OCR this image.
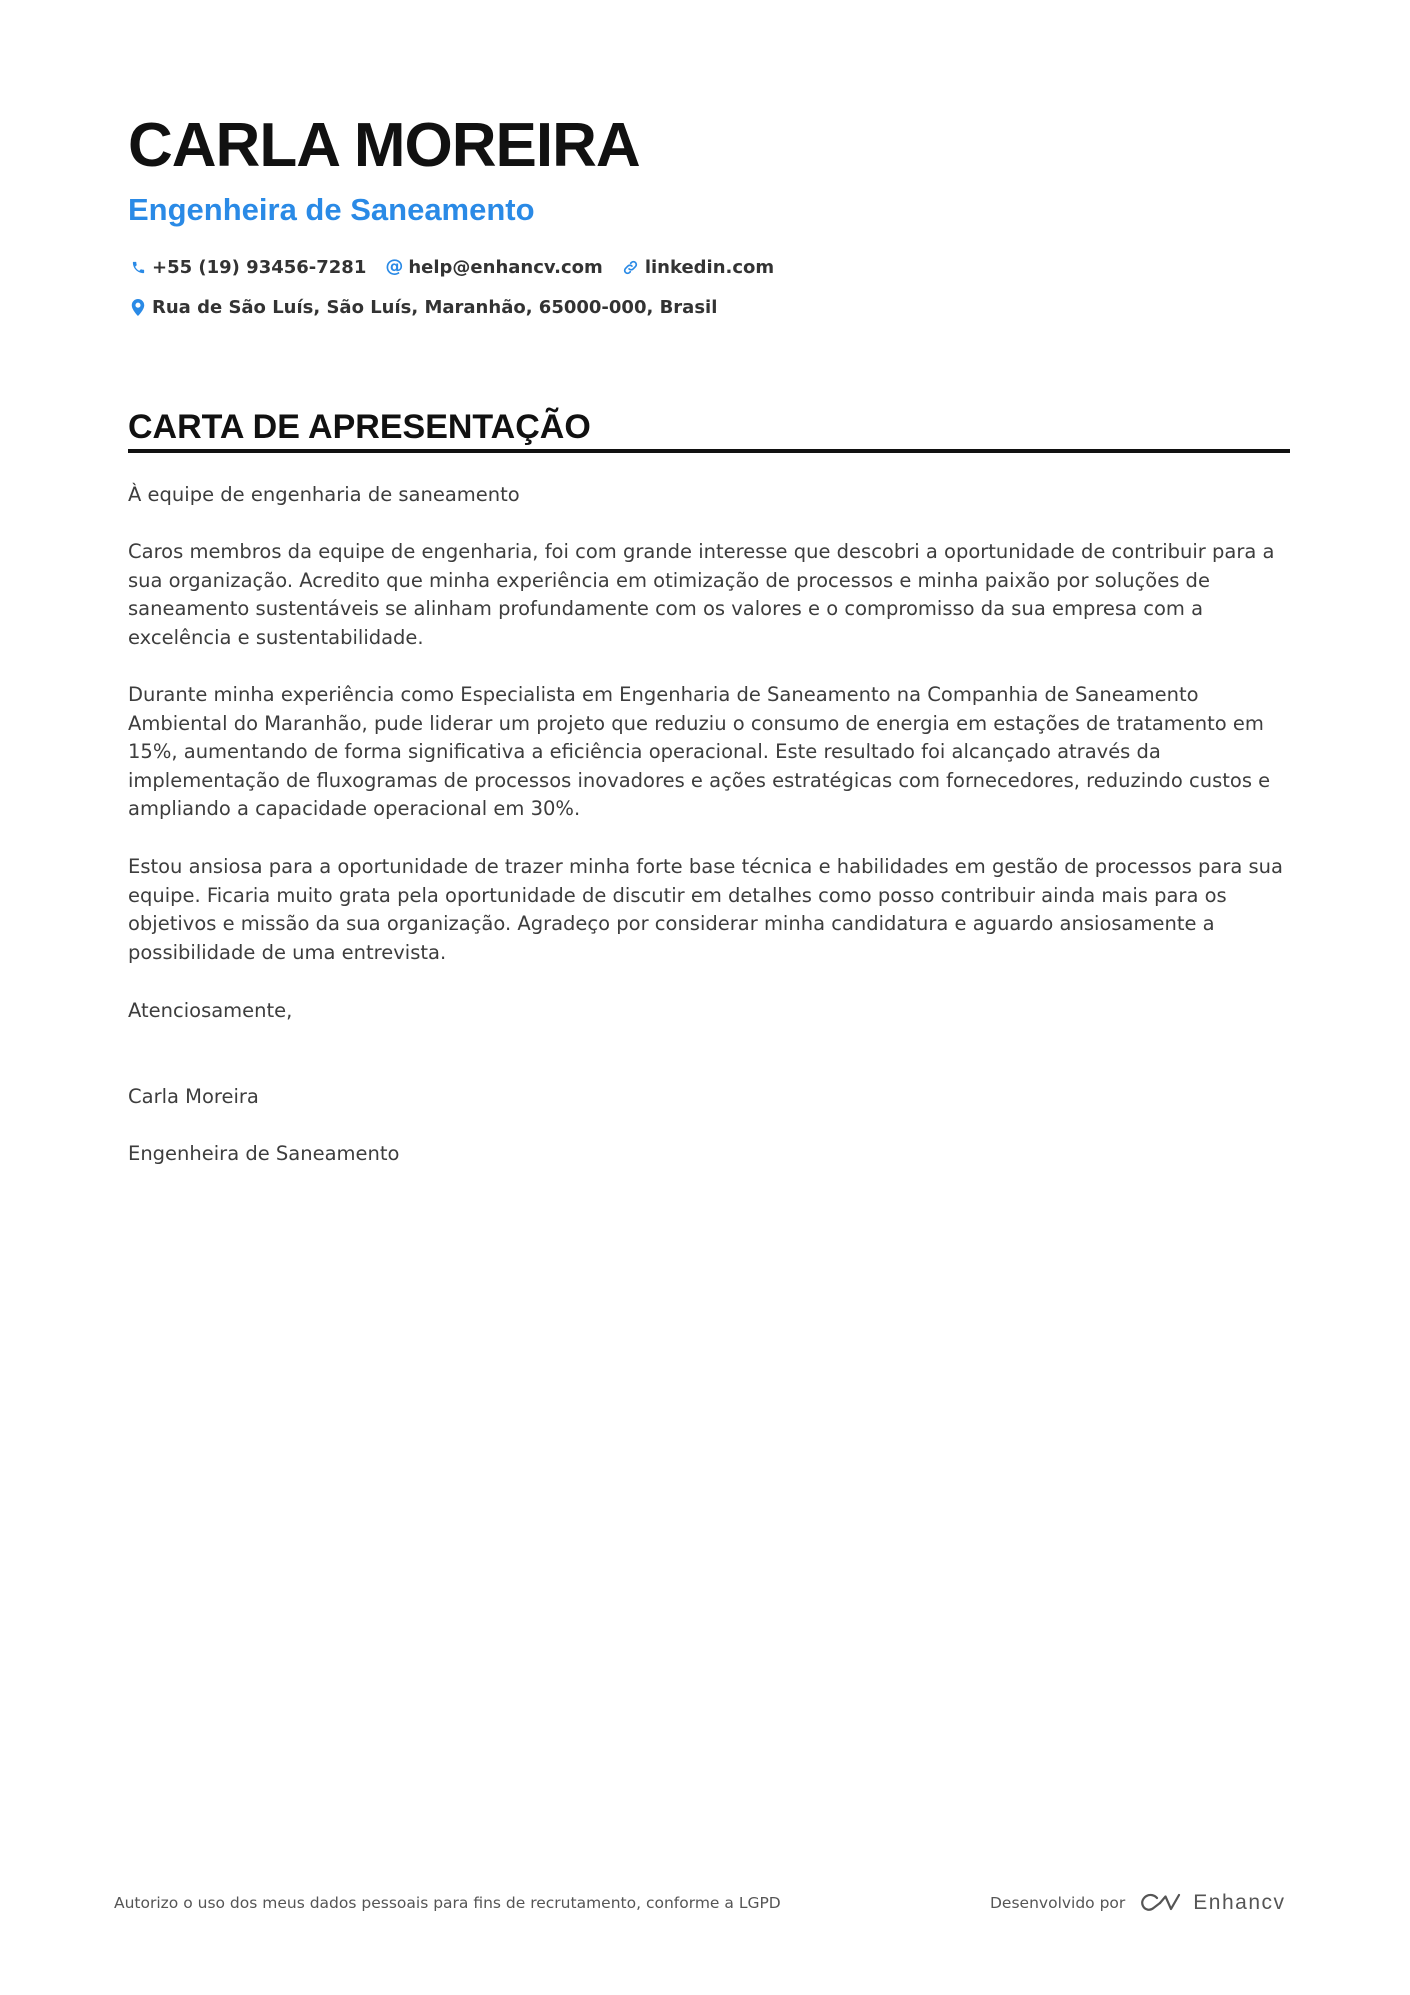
CARLA MOREIRA
Engenheira de Saneamento
+55 (19) 93456-7281 @ help@enhancv.com linkedin.com
Rua de São Luís, São Luís, Maranhão, 65000-000, Brasil
CARTA DE APRESENTAÇÃO

À equipe de engenharia de saneamento

Caros membros da equipe de engenharia, foi com grande interesse que descobri a oportunidade de contribuir para a sua organização. Acredito que minha experiência em otimização de processos e minha paixão por soluções de saneamento sustentáveis se alinham profundamente com os valores e o compromisso da sua empresa com a excelência e sustentabilidade.

Durante minha experiência como Especialista em Engenharia de Saneamento na Companhia de Saneamento Ambiental do Maranhão, pude liderar um projeto que reduziu o consumo de energia em estações de tratamento em 15%, aumentando de forma significativa a eficiência operacional. Este resultado foi alcançado através da implementação de fluxogramas de processos inovadores e ações estratégicas com fornecedores, reduzindo custos e ampliando a capacidade operacional em 30%.

Estou ansiosa para a oportunidade de trazer minha forte base técnica e habilidades em gestão de processos para sua equipe. Ficaria muito grata pela oportunidade de discutir em detalhes como posso contribuir ainda mais para os objetivos e missão da sua organização. Agradeço por considerar minha candidatura e aguardo ansiosamente a possibilidade de uma entrevista.

Atenciosamente,

Carla Moreira

Engenheira de Saneamento

Autorizo o uso dos meus dados pessoais para fins de recrutamento, conforme a LGPD	Desenvolvido por	Enhancv
